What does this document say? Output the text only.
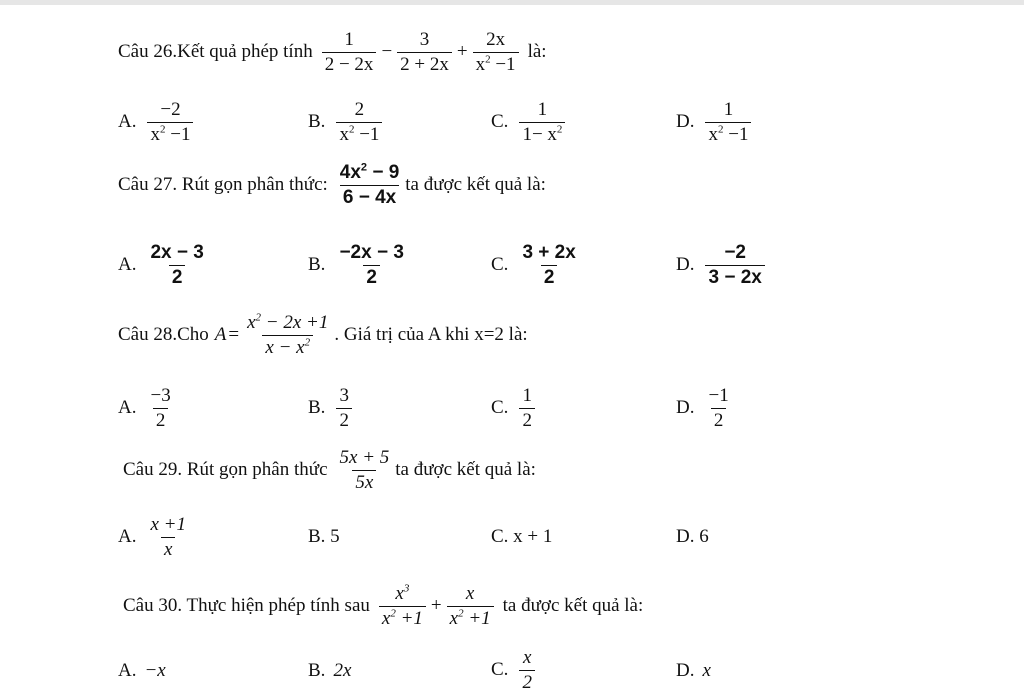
Câu 26.Kết quả phép tính $\frac{1}{2 - 2x} - \frac{3}{2 + 2x} + \frac{2x}{x^2 -1}$ là:
A. $\frac{-2}{x^2 -1}$	B. $\frac{2}{x^2 -1}$	C. $\frac{1}{1- x^2}$	D. $\frac{1}{x^2 -1}$
Câu 27. Rút gọn phân thức: $\frac{4x^2 - 9}{6 - 4x}$ ta được kết quả là:
A. $\frac{2x - 3}{2}$	B. $\frac{-2x - 3}{2}$	C. $\frac{3 + 2x}{2}$	D. $\frac{-2}{3 - 2x}$
Câu 28.Cho $A = \frac{x^2 - 2x +1}{x - x^2}$ . Giá trị của A khi x=2 là:
A. $\frac{-3}{2}$	B. $\frac{3}{2}$	C. $\frac{1}{2}$	D. $\frac{-1}{2}$
Câu 29. Rút gọn phân thức $\frac{5x + 5}{5x}$ ta được kết quả là:
A. $\frac{x +1}{x}$	B. 5	C. x + 1	D. 6
Câu 30. Thực hiện phép tính sau $\frac{x^3}{x^2 +1} + \frac{x}{x^2 +1}$ ta được kết quả là:
A. −x	B. 2x	C. $\frac{x}{2}$	D. x
